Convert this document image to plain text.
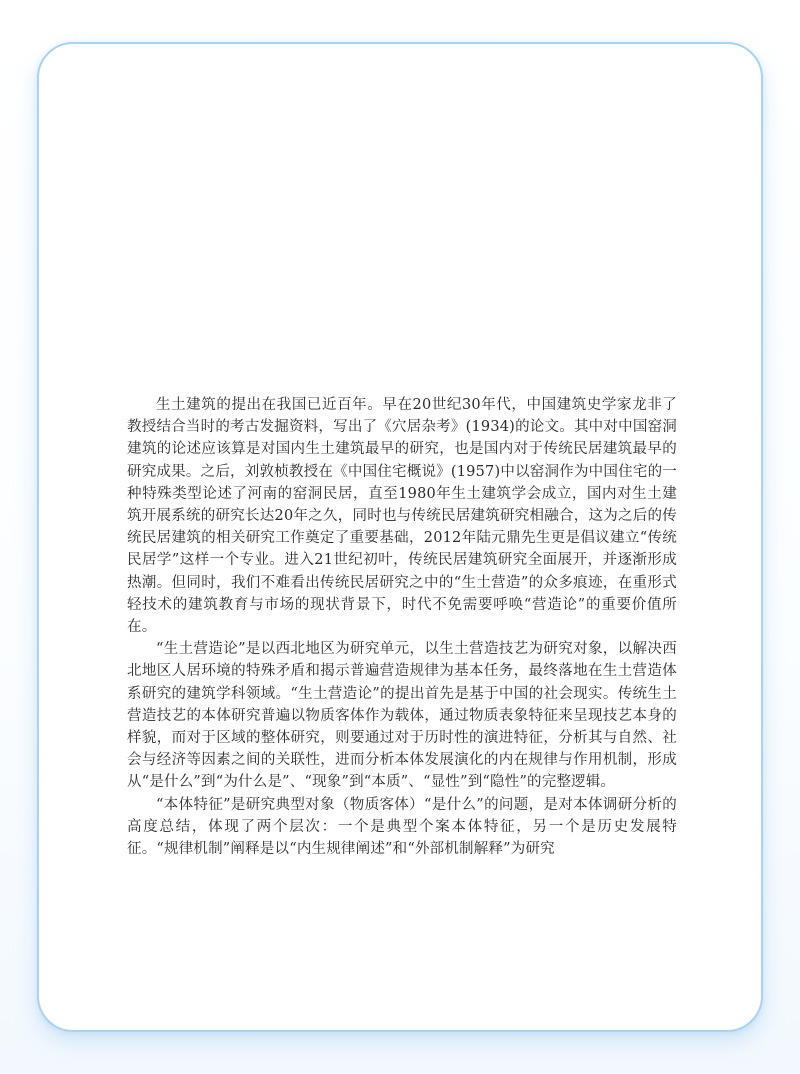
生土建筑的提出在我国已近百年。早在20世纪30年代，中国建筑史学家龙非了教授结合当时的考古发掘资料，写出了《穴居杂考》(1934)的论文。其中对中国窑洞建筑的论述应该算是对国内生土建筑最早的研究，也是国内对于传统民居建筑最早的研究成果。之后，刘敦桢教授在《中国住宅概说》(1957)中以窑洞作为中国住宅的一种特殊类型论述了河南的窑洞民居，直至1980年生土建筑学会成立，国内对生土建筑开展系统的研究长达20年之久，同时也与传统民居建筑研究相融合，这为之后的传统民居建筑的相关研究工作奠定了重要基础，2012年陆元鼎先生更是倡议建立“传统民居学”这样一个专业。进入21世纪初叶，传统民居建筑研究全面展开，并逐渐形成热潮。但同时，我们不难看出传统民居研究之中的“生土营造”的众多痕迹，在重形式轻技术的建筑教育与市场的现状背景下，时代不免需要呼唤“营造论”的重要价值所在。

“生土营造论”是以西北地区为研究单元，以生土营造技艺为研究对象，以解决西北地区人居环境的特殊矛盾和揭示普遍营造规律为基本任务，最终落地在生土营造体系研究的建筑学科领域。“生土营造论”的提出首先是基于中国的社会现实。传统生土营造技艺的本体研究普遍以物质客体作为载体，通过物质表象特征来呈现技艺本身的样貌，而对于区域的整体研究，则要通过对于历时性的演进特征，分析其与自然、社会与经济等因素之间的关联性，进而分析本体发展演化的内在规律与作用机制，形成从“是什么”到“为什么是”、“现象”到“本质”、“显性”到“隐性”的完整逻辑。

“本体特征”是研究典型对象（物质客体）“是什么”的问题，是对本体调研分析的高度总结，体现了两个层次：一个是典型个案本体特征，另一个是历史发展特征。“规律机制”阐释是以“内生规律阐述”和“外部机制解释”为研究
